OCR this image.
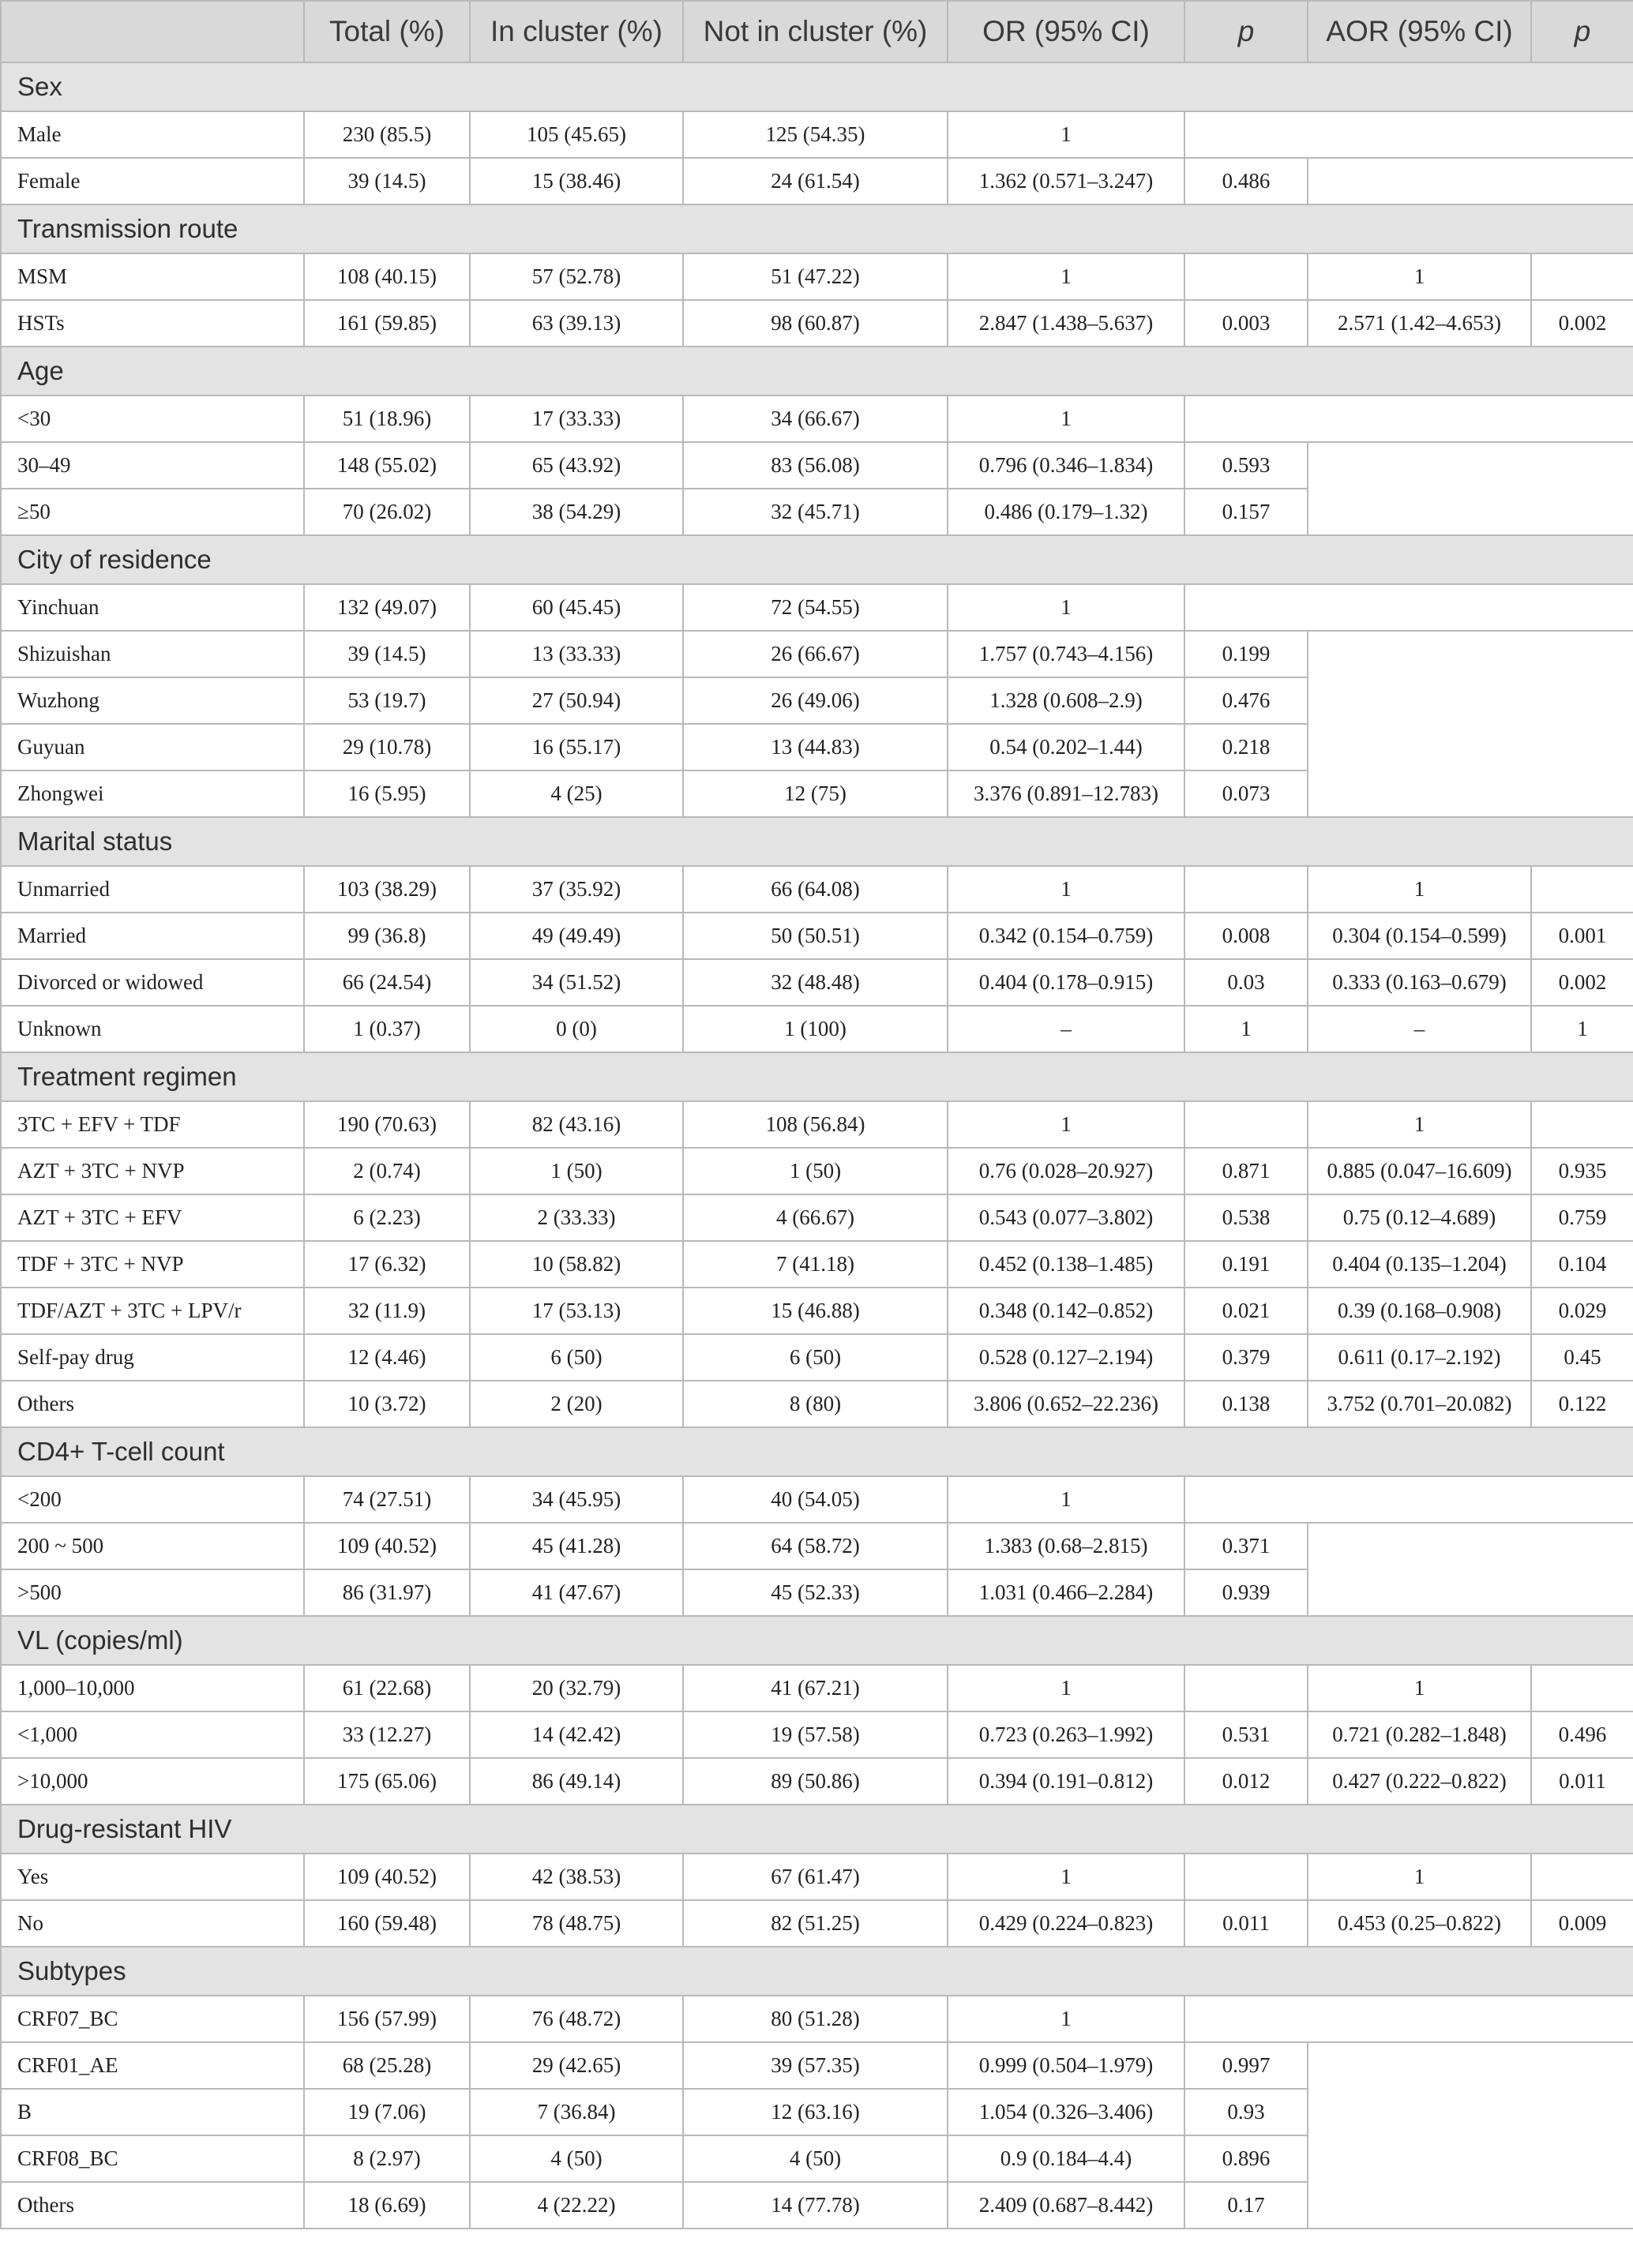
	Total (%)	In cluster (%)	Not in cluster (%)	OR (95% CI)	p	AOR (95% CI)	p
Sex							
Male	230 (85.5)	105 (45.65)	125 (54.35)	1			
Female	39 (14.5)	15 (38.46)	24 (61.54)	1.362 (0.571–3.247)	0.486		
Transmission route							
MSM	108 (40.15)	57 (52.78)	51 (47.22)	1		1	
HSTs	161 (59.85)	63 (39.13)	98 (60.87)	2.847 (1.438–5.637)	0.003	2.571 (1.42–4.653)	0.002
Age							
<30	51 (18.96)	17 (33.33)	34 (66.67)	1			
30–49	148 (55.02)	65 (43.92)	83 (56.08)	0.796 (0.346–1.834)	0.593		
≥50	70 (26.02)	38 (54.29)	32 (45.71)	0.486 (0.179–1.32)	0.157		
City of residence							
Yinchuan	132 (49.07)	60 (45.45)	72 (54.55)	1			
Shizuishan	39 (14.5)	13 (33.33)	26 (66.67)	1.757 (0.743–4.156)	0.199		
Wuzhong	53 (19.7)	27 (50.94)	26 (49.06)	1.328 (0.608–2.9)	0.476		
Guyuan	29 (10.78)	16 (55.17)	13 (44.83)	0.54 (0.202–1.44)	0.218		
Zhongwei	16 (5.95)	4 (25)	12 (75)	3.376 (0.891–12.783)	0.073		
Marital status							
Unmarried	103 (38.29)	37 (35.92)	66 (64.08)	1		1	
Married	99 (36.8)	49 (49.49)	50 (50.51)	0.342 (0.154–0.759)	0.008	0.304 (0.154–0.599)	0.001
Divorced or widowed	66 (24.54)	34 (51.52)	32 (48.48)	0.404 (0.178–0.915)	0.03	0.333 (0.163–0.679)	0.002
Unknown	1 (0.37)	0 (0)	1 (100)	–	1	–	1
Treatment regimen							
3TC + EFV + TDF	190 (70.63)	82 (43.16)	108 (56.84)	1		1	
AZT + 3TC + NVP	2 (0.74)	1 (50)	1 (50)	0.76 (0.028–20.927)	0.871	0.885 (0.047–16.609)	0.935
AZT + 3TC + EFV	6 (2.23)	2 (33.33)	4 (66.67)	0.543 (0.077–3.802)	0.538	0.75 (0.12–4.689)	0.759
TDF + 3TC + NVP	17 (6.32)	10 (58.82)	7 (41.18)	0.452 (0.138–1.485)	0.191	0.404 (0.135–1.204)	0.104
TDF/AZT + 3TC + LPV/r	32 (11.9)	17 (53.13)	15 (46.88)	0.348 (0.142–0.852)	0.021	0.39 (0.168–0.908)	0.029
Self-pay drug	12 (4.46)	6 (50)	6 (50)	0.528 (0.127–2.194)	0.379	0.611 (0.17–2.192)	0.45
Others	10 (3.72)	2 (20)	8 (80)	3.806 (0.652–22.236)	0.138	3.752 (0.701–20.082)	0.122
CD4+ T-cell count							
<200	74 (27.51)	34 (45.95)	40 (54.05)	1			
200 ~ 500	109 (40.52)	45 (41.28)	64 (58.72)	1.383 (0.68–2.815)	0.371		
>500	86 (31.97)	41 (47.67)	45 (52.33)	1.031 (0.466–2.284)	0.939		
VL (copies/ml)							
1,000–10,000	61 (22.68)	20 (32.79)	41 (67.21)	1		1	
<1,000	33 (12.27)	14 (42.42)	19 (57.58)	0.723 (0.263–1.992)	0.531	0.721 (0.282–1.848)	0.496
>10,000	175 (65.06)	86 (49.14)	89 (50.86)	0.394 (0.191–0.812)	0.012	0.427 (0.222–0.822)	0.011
Drug-resistant HIV							
Yes	109 (40.52)	42 (38.53)	67 (61.47)	1		1	
No	160 (59.48)	78 (48.75)	82 (51.25)	0.429 (0.224–0.823)	0.011	0.453 (0.25–0.822)	0.009
Subtypes							
CRF07_BC	156 (57.99)	76 (48.72)	80 (51.28)	1			
CRF01_AE	68 (25.28)	29 (42.65)	39 (57.35)	0.999 (0.504–1.979)	0.997		
B	19 (7.06)	7 (36.84)	12 (63.16)	1.054 (0.326–3.406)	0.93		
CRF08_BC	8 (2.97)	4 (50)	4 (50)	0.9 (0.184–4.4)	0.896		
Others	18 (6.69)	4 (22.22)	14 (77.78)	2.409 (0.687–8.442)	0.17		
